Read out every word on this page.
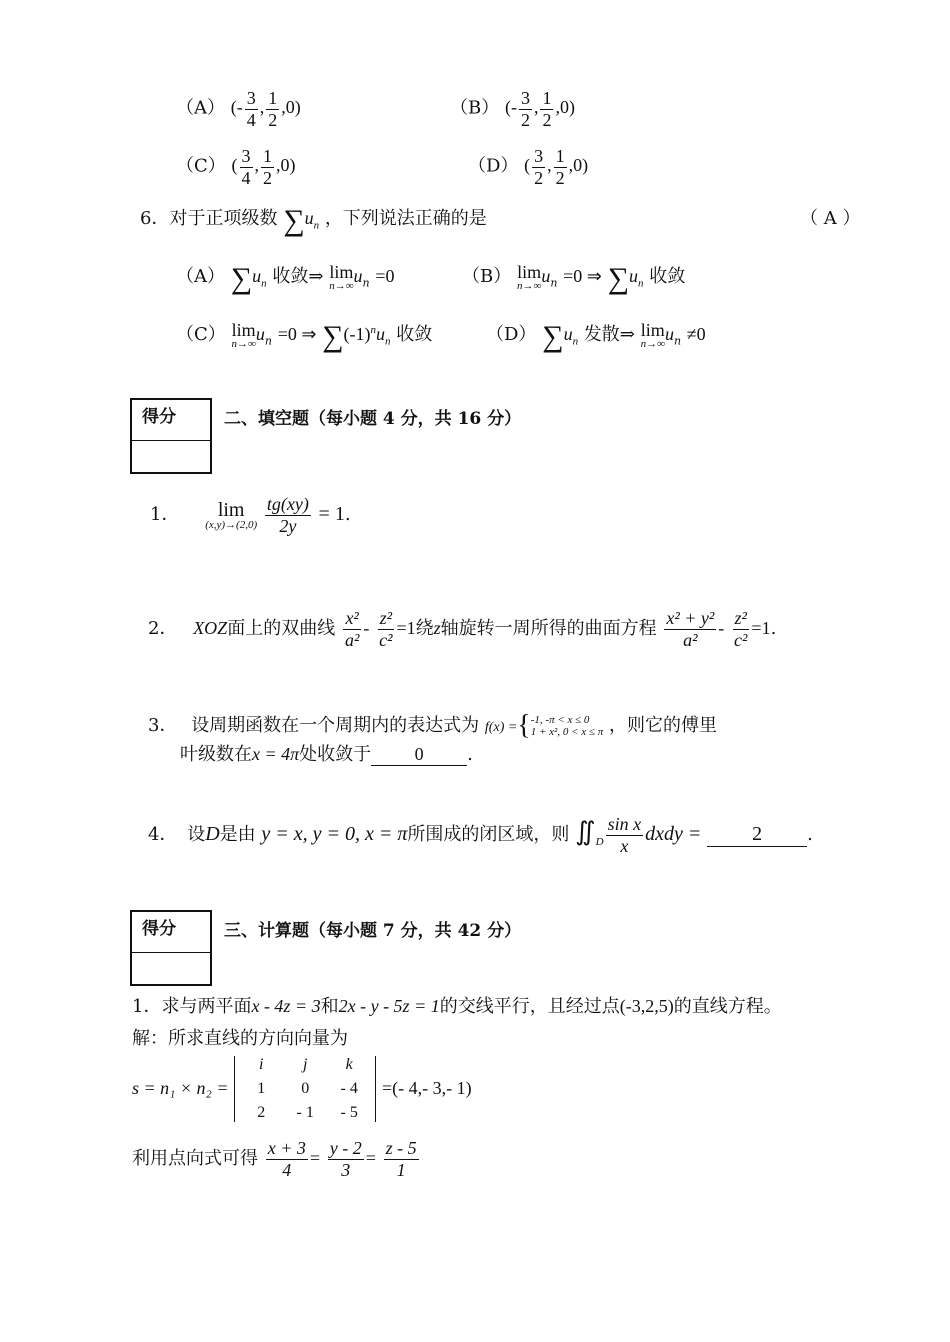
（A） (- $\frac{3}{4}$ , $\frac{1}{2} ,0$)	（B） (- $\frac{3}{2}$ , $\frac{1}{2} ,0$)
（C） ( $\frac{3}{4}$ , $\frac{1}{2} ,0$)	（D） ( $\frac{3}{2}$ , $\frac{1}{2} ,0$)
6．对于正项级数 $\sum u_n$ ，下列说法正确的是	（ A ）
（A） $\sum u_n$ 收敛⇒ lim
n→∞ $u_n =0$	（B） lim
n→∞ $u_n =0$ ⇒ $\sum u_n$ 收敛
（C） lim
n→∞ $u_n =0$ ⇒ $\sum(-1)^nu_n$ 收敛	（D） $\sum u_n$ 发散⇒ lim
n→∞ $u_n \ne 0$
得分	二、填空题（每小题 4 分，共 16 分）
1． lim
(x,y)→(2,0)
$\frac{tg(xy)}{2y} = 1$.
2． XOZ面上的双曲线 $\frac{\text{x²}}{\text{a²}} - \frac{\text{z²}}{\text{c²}} =1$绕z轴旋转一周所得的曲面方程 $\frac{\text{x² + y²}}{\text{a²}} - \frac{\text{z²}}{\text{c²}} =1$.
3． 设周期函数在一个周期内的表达式为 f(x) ={ -1, -π < x ≤ 0
1 + x², 0 < x ≤ π ，则它的傅里
叶级数在x = 4π处收敛于 0 .
4． 设D是由 y = x, y = 0, x = π所围成的闭区域，则 $∬_D \frac{\text{sin x}}{x}$ dxdy =	2	.
得分	三、计算题（每小题 7 分，共 42 分）
1．求与两平面x - 4z = 3和2x - y - 5z = 1的交线平行，且经过点(-3,2,5)的直线方程。
解：所求直线的方向向量为
s = n₁ × n₂ =
i	j	k
1	0	- 4
2	- 1	- 5
=(- 4,- 3,- 1)
利用点向式可得 $\frac{x + 3}{4} = \frac{y - 2}{3} = \frac{z - 5}{1}$
